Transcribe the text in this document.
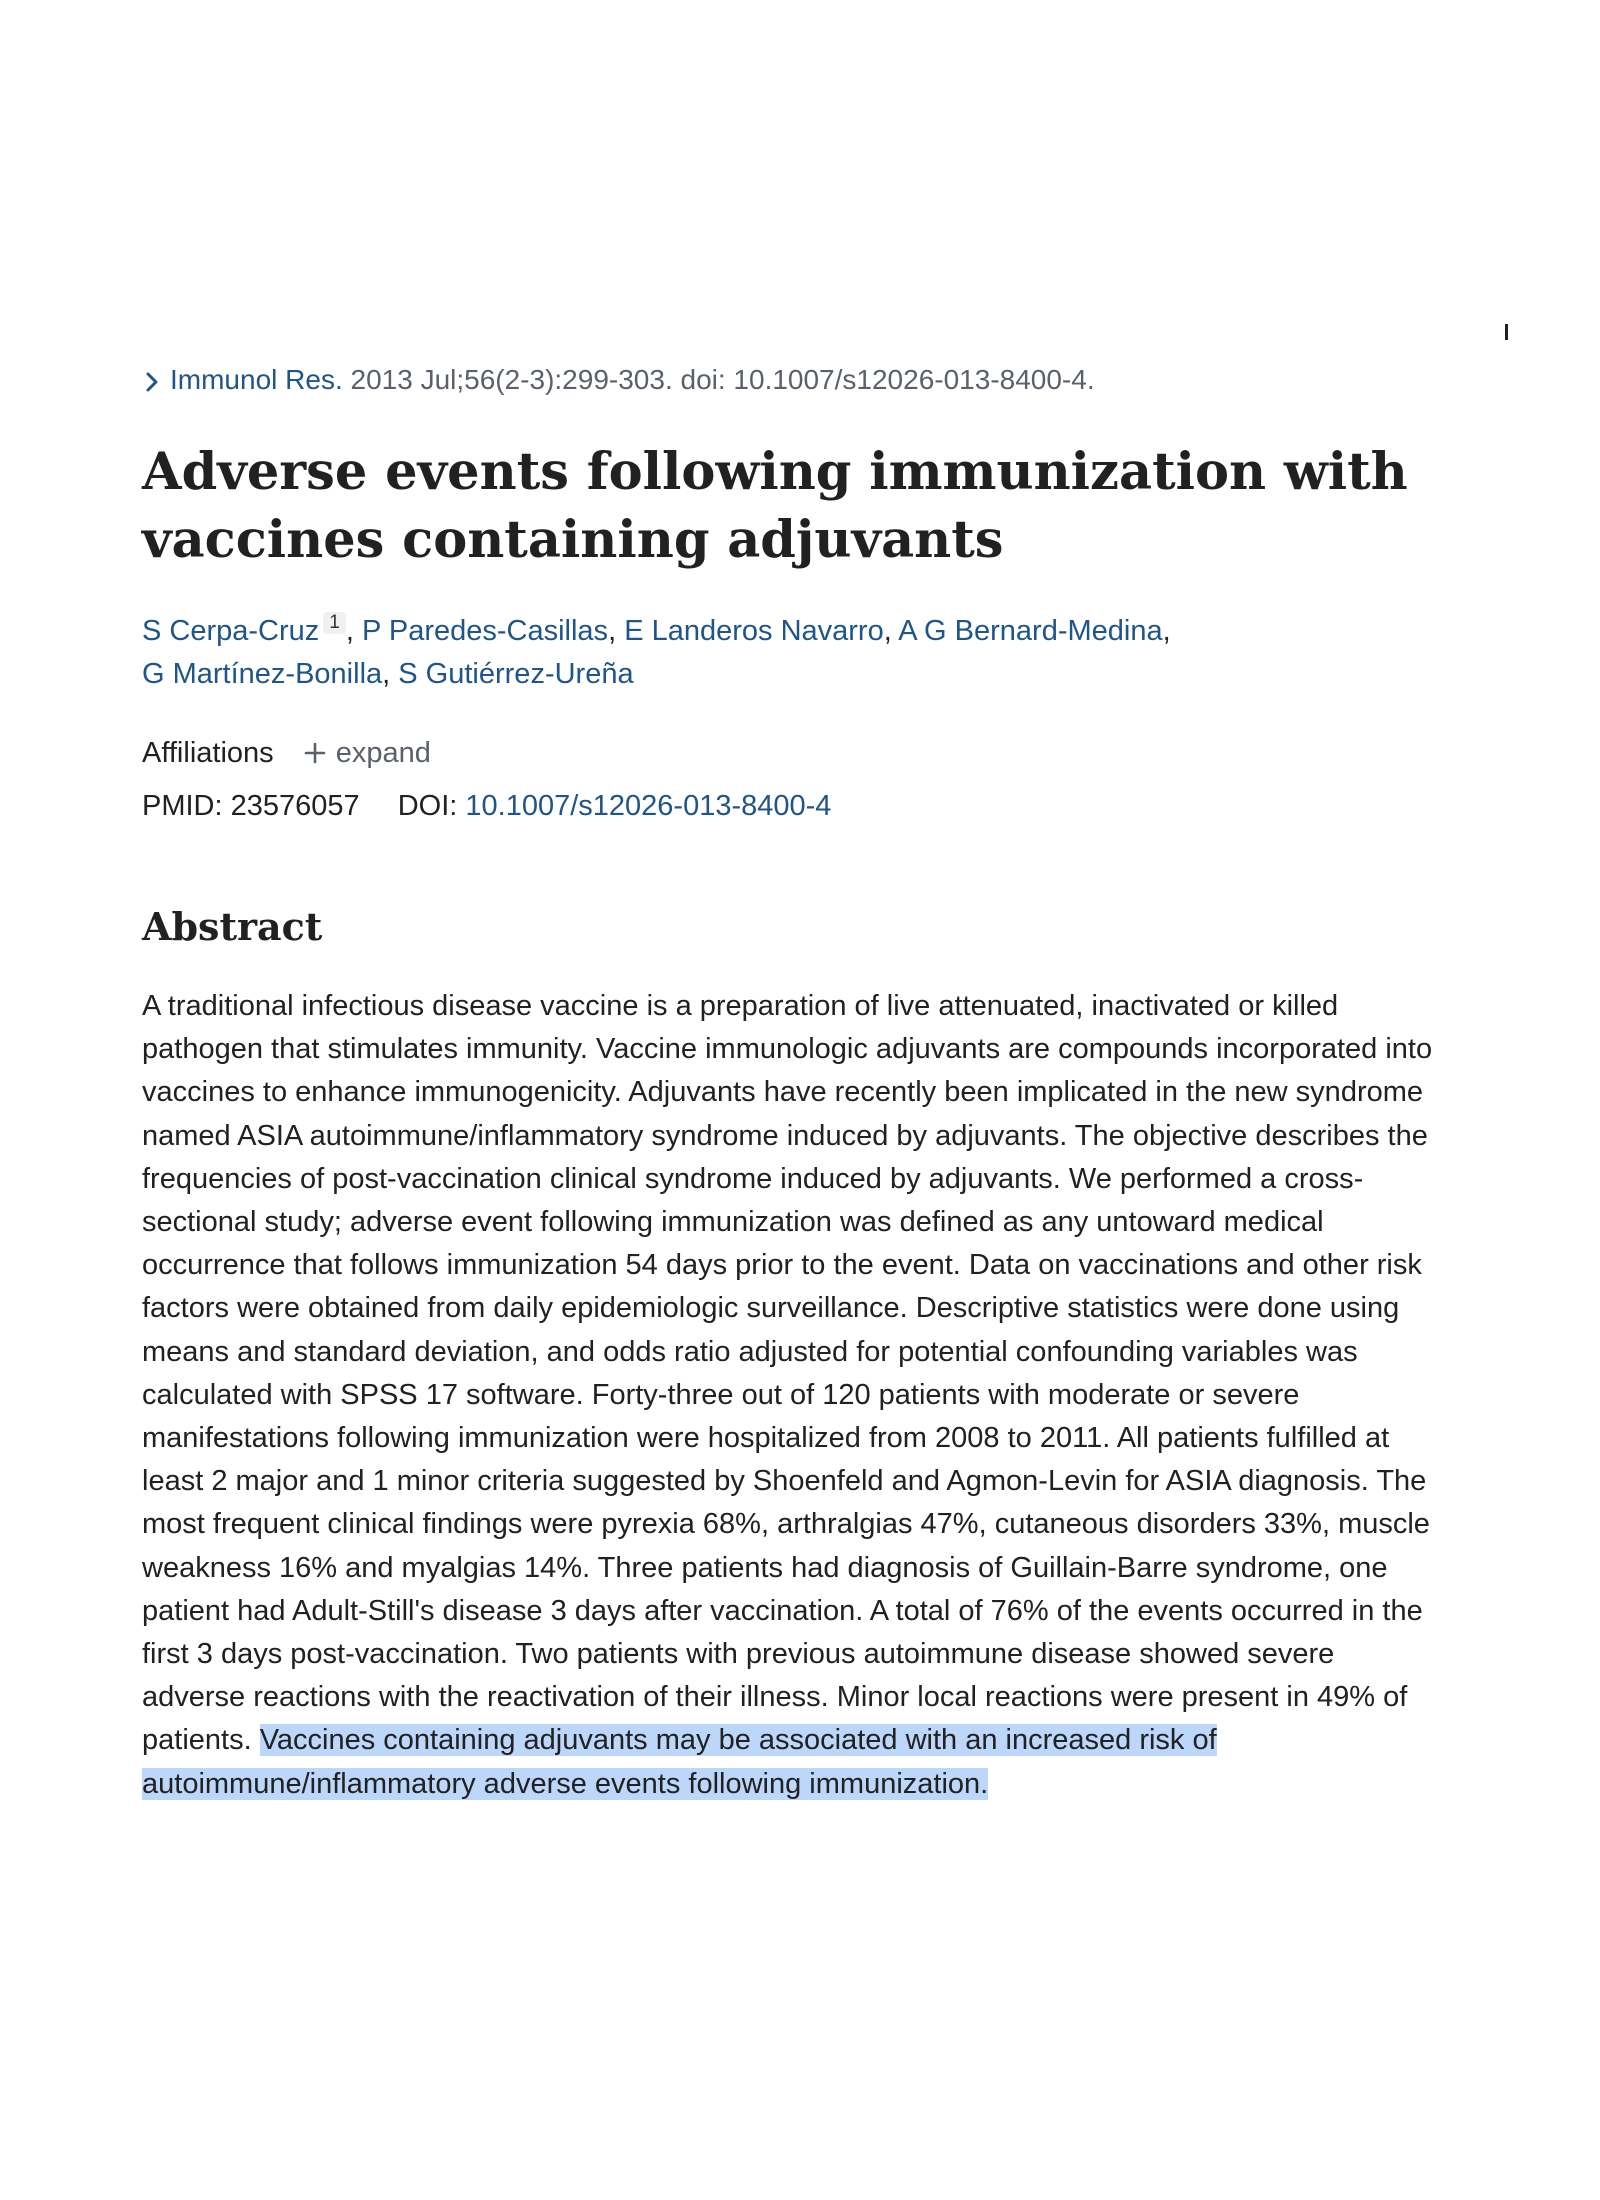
Immunol Res. 2013 Jul;56(2-3):299-303. doi: 10.1007/s12026-013-8400-4.
Adverse events following immunization with vaccines containing adjuvants
S Cerpa-Cruz 1 , P Paredes-Casillas, E Landeros Navarro, A G Bernard-Medina,
G Martínez-Bonilla, S Gutiérrez-Ureña
Affiliations expand
PMID: 23576057 DOI: 10.1007/s12026-013-8400-4
Abstract

A traditional infectious disease vaccine is a preparation of live attenuated, inactivated or killed pathogen that stimulates immunity. Vaccine immunologic adjuvants are compounds incorporated into vaccines to enhance immunogenicity. Adjuvants have recently been implicated in the new syndrome named ASIA autoimmune/inflammatory syndrome induced by adjuvants. The objective describes the frequencies of post-vaccination clinical syndrome induced by adjuvants. We performed a cross-sectional study; adverse event following immunization was defined as any untoward medical occurrence that follows immunization 54 days prior to the event. Data on vaccinations and other risk factors were obtained from daily epidemiologic surveillance. Descriptive statistics were done using means and standard deviation, and odds ratio adjusted for potential confounding variables was calculated with SPSS 17 software. Forty-three out of 120 patients with moderate or severe manifestations following immunization were hospitalized from 2008 to 2011. All patients fulfilled at least 2 major and 1 minor criteria suggested by Shoenfeld and Agmon-Levin for ASIA diagnosis. The most frequent clinical findings were pyrexia 68%, arthralgias 47%, cutaneous disorders 33%, muscle weakness 16% and myalgias 14%. Three patients had diagnosis of Guillain-Barre syndrome, one patient had Adult-Still's disease 3 days after vaccination. A total of 76% of the events occurred in the first 3 days post-vaccination. Two patients with previous autoimmune disease showed severe adverse reactions with the reactivation of their illness. Minor local reactions were present in 49% of patients. Vaccines containing adjuvants may be associated with an increased risk of autoimmune/inflammatory adverse events following immunization.
